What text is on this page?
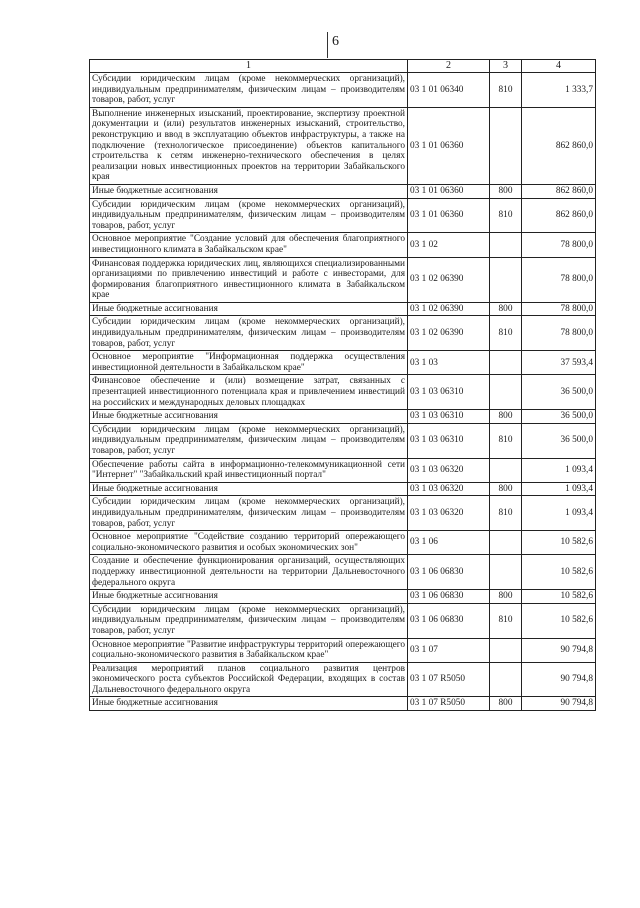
6
1	2	3	4
Субсидии юридическим лицам (кроме некоммерческих организаций), индивидуальным предпринимателям, физическим лицам – производителям товаров, работ, услуг	03 1 01 06340	810	1 333,7
Выполнение инженерных изысканий, проектирование, экспертизу проектной документации и (или) результатов инженерных изысканий, строительство, реконструкцию и ввод в эксплуатацию объектов инфраструктуры, а также на подключение (технологическое присоединение) объектов капитального строительства к сетям инженерно-технического обеспечения в целях реализации новых инвестиционных проектов на территории Забайкальского края	03 1 01 06360		862 860,0
Иные бюджетные ассигнования	03 1 01 06360	800	862 860,0
Субсидии юридическим лицам (кроме некоммерческих организаций), индивидуальным предпринимателям, физическим лицам – производителям товаров, работ, услуг	03 1 01 06360	810	862 860,0
Основное мероприятие "Создание условий для обеспечения благоприятного инвестиционного климата в Забайкальском крае"	03 1 02		78 800,0
Финансовая поддержка юридических лиц, являющихся специализированными организациями по привлечению инвестиций и работе с инвесторами, для формирования благоприятного инвестиционного климата в Забайкальском крае	03 1 02 06390		78 800,0
Иные бюджетные ассигнования	03 1 02 06390	800	78 800,0
Субсидии юридическим лицам (кроме некоммерческих организаций), индивидуальным предпринимателям, физическим лицам – производителям товаров, работ, услуг	03 1 02 06390	810	78 800,0
Основное мероприятие "Информационная поддержка осуществления инвестиционной деятельности в Забайкальском крае"	03 1 03		37 593,4
Финансовое обеспечение и (или) возмещение затрат, связанных с презентацией инвестиционного потенциала края и привлечением инвестиций на российских и международных деловых площадках	03 1 03 06310		36 500,0
Иные бюджетные ассигнования	03 1 03 06310	800	36 500,0
Субсидии юридическим лицам (кроме некоммерческих организаций), индивидуальным предпринимателям, физическим лицам – производителям товаров, работ, услуг	03 1 03 06310	810	36 500,0
Обеспечение работы сайта в информационно-телекоммуникационной сети "Интернет" "Забайкальский край инвестиционный портал"	03 1 03 06320		1 093,4
Иные бюджетные ассигнования	03 1 03 06320	800	1 093,4
Субсидии юридическим лицам (кроме некоммерческих организаций), индивидуальным предпринимателям, физическим лицам – производителям товаров, работ, услуг	03 1 03 06320	810	1 093,4
Основное мероприятие "Содействие созданию территорий опережающего социально-экономического развития и особых экономических зон"	03 1 06		10 582,6
Создание и обеспечение функционирования организаций, осуществляющих поддержку инвестиционной деятельности на территории Дальневосточного федерального округа	03 1 06 06830		10 582,6
Иные бюджетные ассигнования	03 1 06 06830	800	10 582,6
Субсидии юридическим лицам (кроме некоммерческих организаций), индивидуальным предпринимателям, физическим лицам – производителям товаров, работ, услуг	03 1 06 06830	810	10 582,6
Основное мероприятие "Развитие инфраструктуры территорий опережающего социально-экономического развития в Забайкальском крае"	03 1 07		90 794,8
Реализация мероприятий планов социального развития центров экономического роста субъектов Российской Федерации, входящих в состав Дальневосточного федерального округа	03 1 07 R5050		90 794,8
Иные бюджетные ассигнования	03 1 07 R5050	800	90 794,8
